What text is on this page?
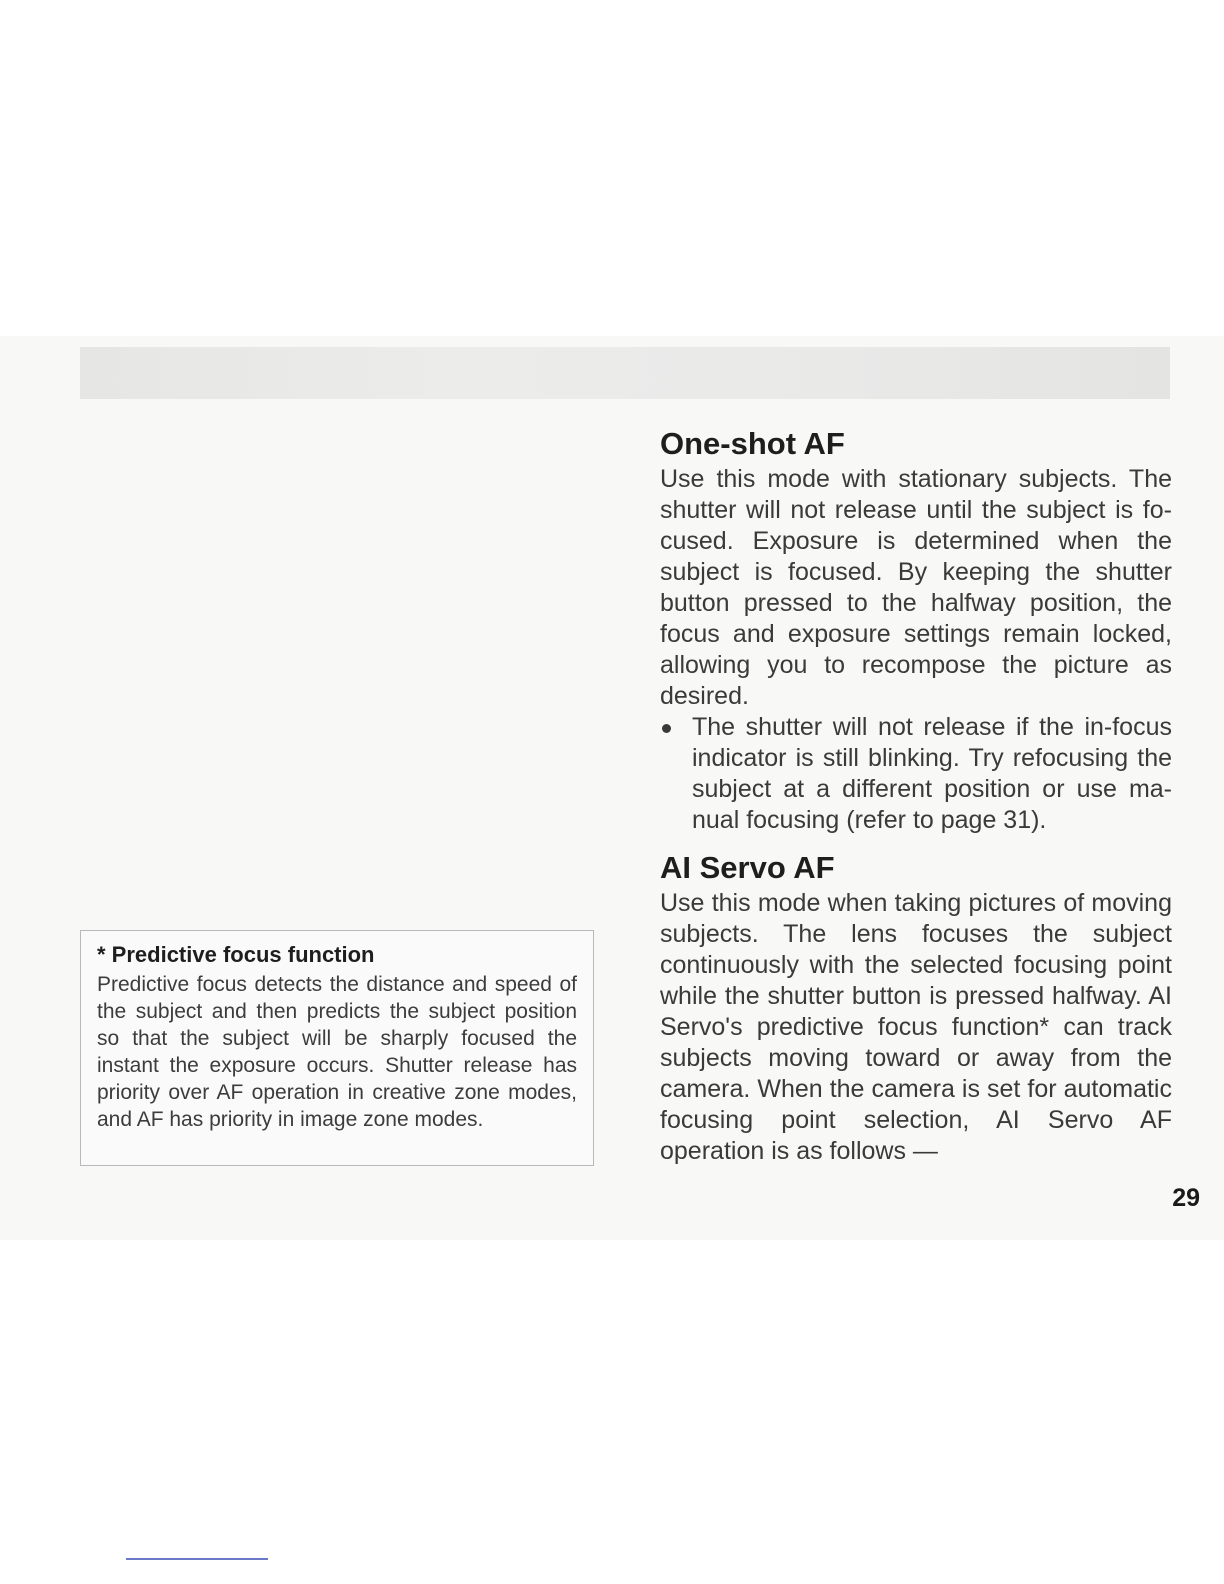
One-shot AF

Use this mode with stationary subjects. The shutter will not release until the subject is focused. Exposure is determined when the subject is focused. By keeping the shutter button pressed to the halfway position, the focus and exposure settings remain locked, allowing you to recompose the picture as desired.

The shutter will not release if the in-focus indicator is still blinking. Try refocusing the subject at a different position or use manual focusing (refer to page 31).

AI Servo AF

Use this mode when taking pictures of moving subjects. The lens focuses the subject continuously with the selected focusing point while the shutter button is pressed halfway. AI Servo's predictive focus function* can track subjects moving toward or away from the camera. When the camera is set for automatic focusing point selection, AI Servo AF operation is as follows —

* Predictive focus function

Predictive focus detects the distance and speed of the subject and then predicts the subject position so that the subject will be sharply focused the instant the exposure occurs. Shutter release has priority over AF operation in creative zone modes, and AF has priority in image zone modes.

29
